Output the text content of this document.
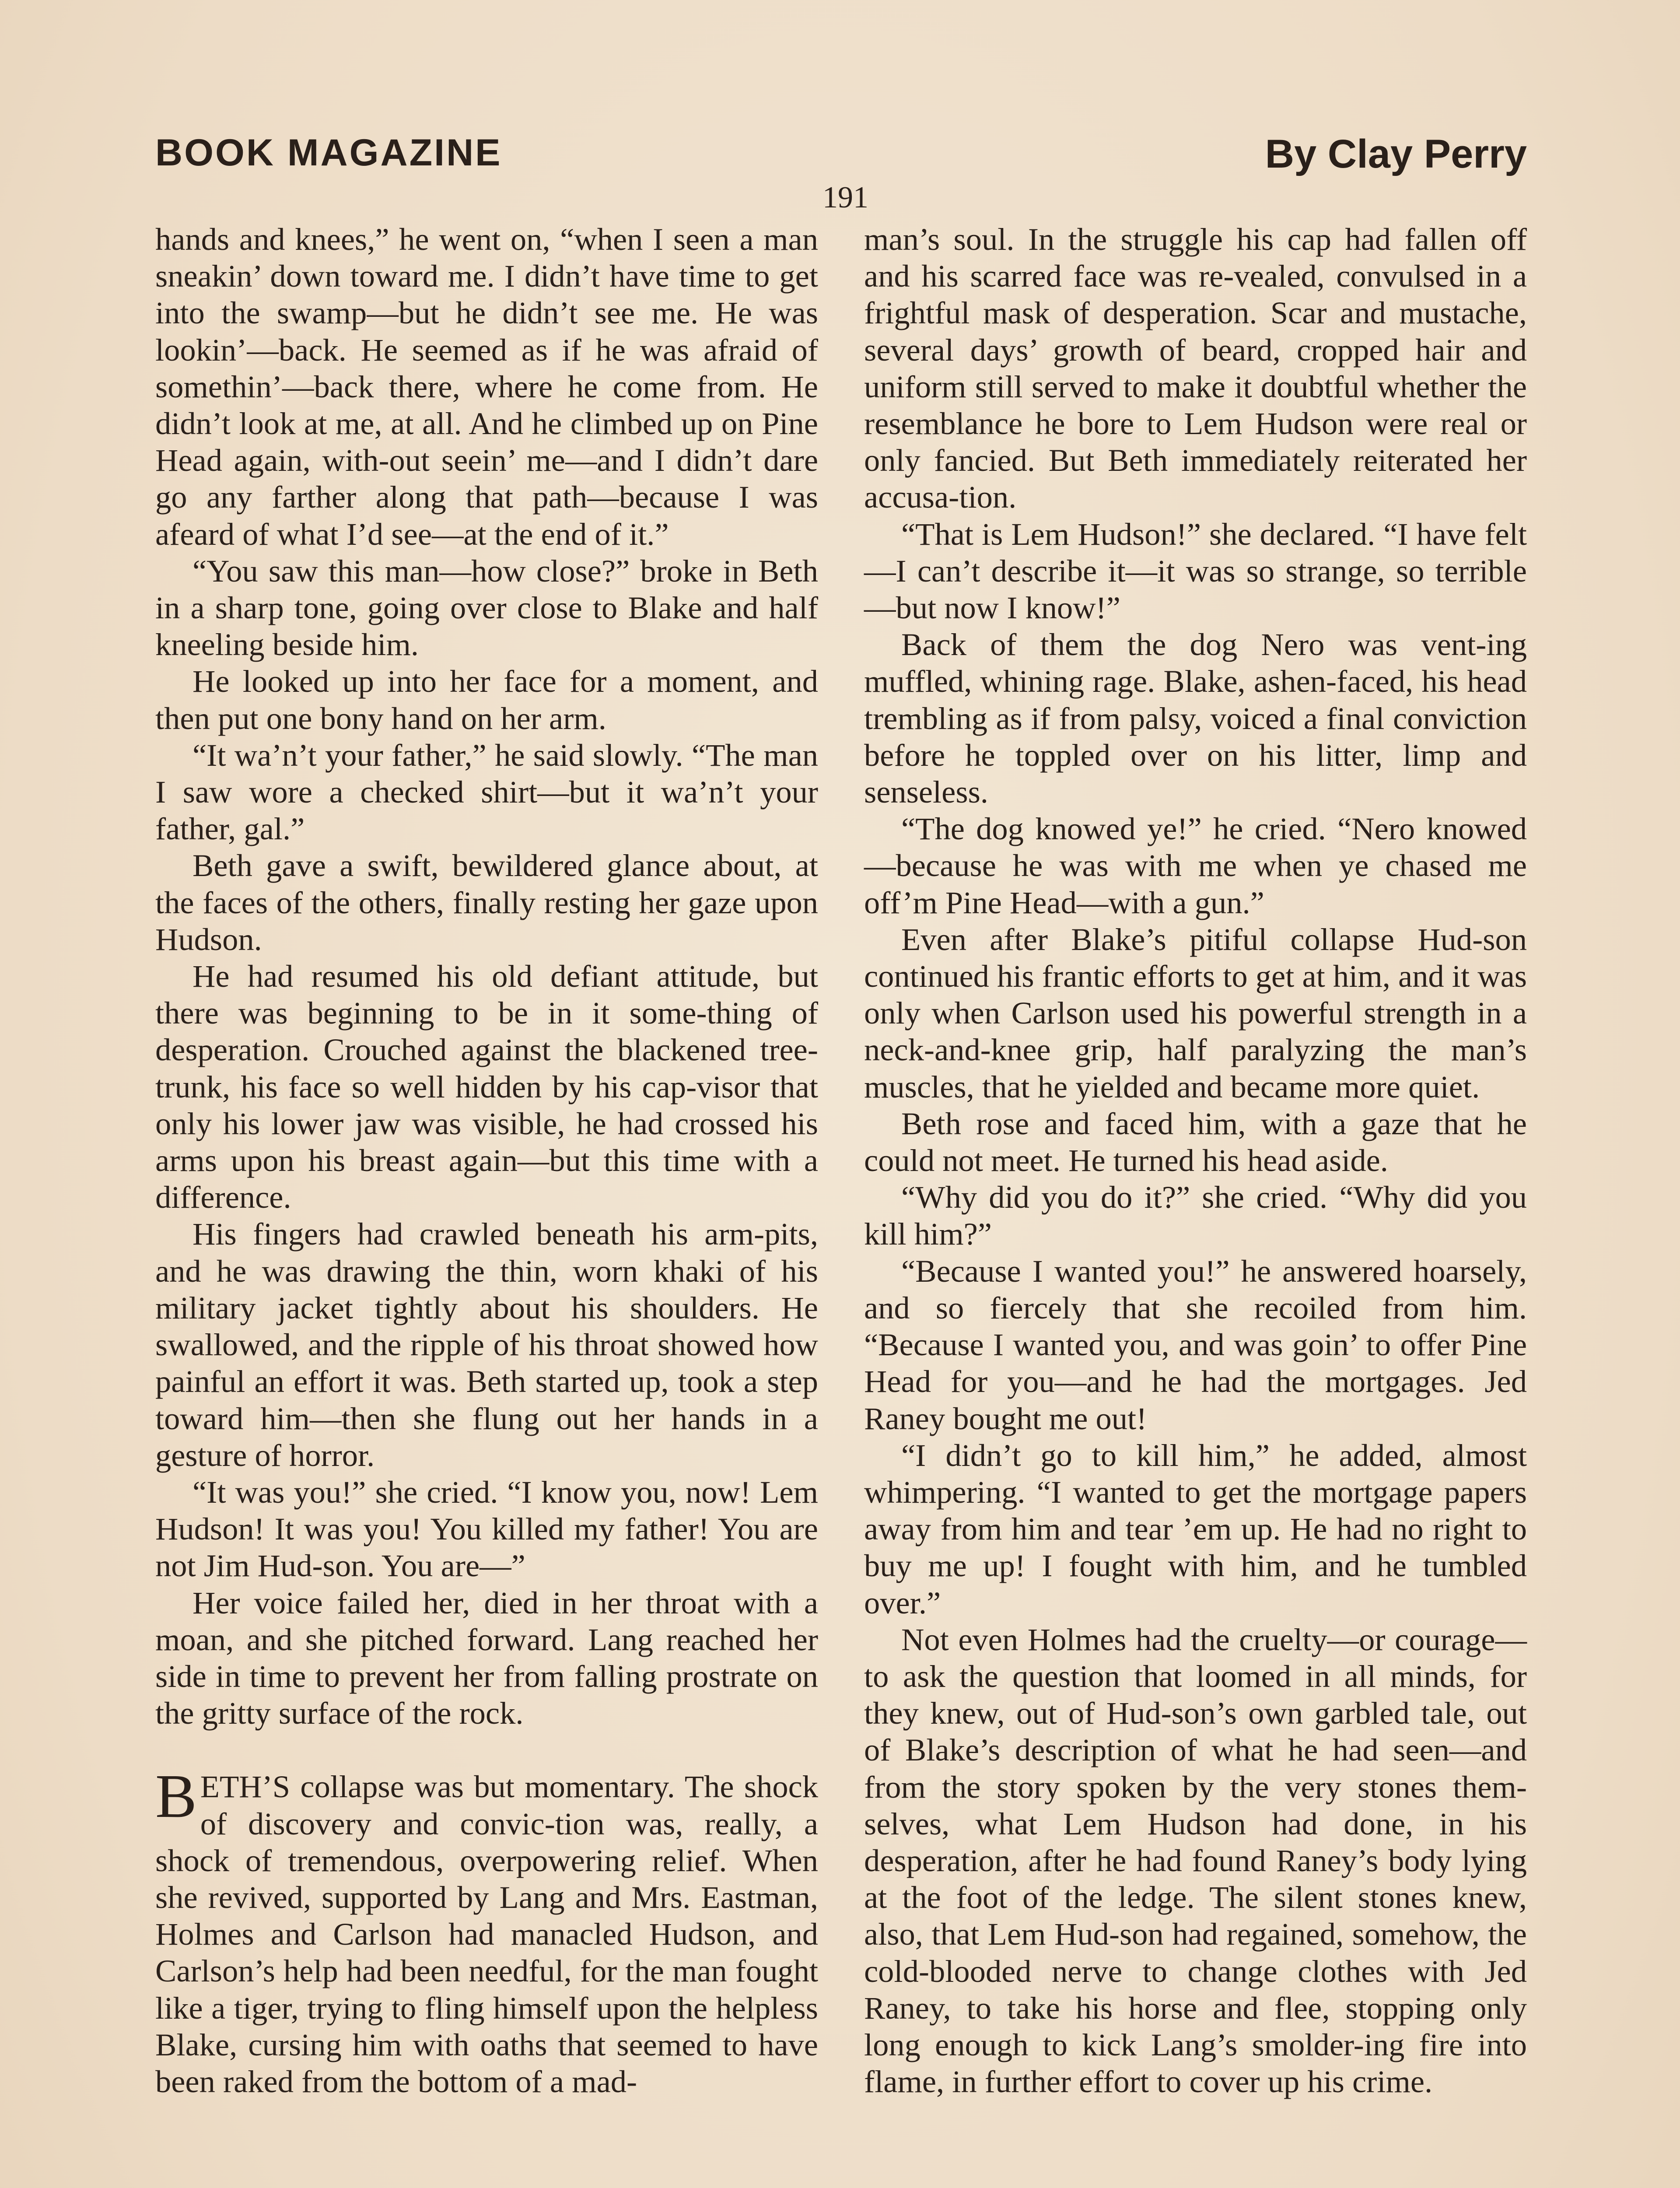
BOOK MAGAZINE	By Clay Perry
191

hands and knees,” he went on, “when I seen a man sneakin’ down toward me. I didn’t have time to get into the swamp—but he didn’t see me. He was lookin’—back. He seemed as if he was afraid of somethin’—back there, where he come from. He didn’t look at me, at all. And he climbed up on Pine Head again, with-out seein’ me—and I didn’t dare go any farther along that path—because I was afeard of what I’d see—at the end of it.”

“You saw this man—how close?” broke in Beth in a sharp tone, going over close to Blake and half kneeling beside him.

He looked up into her face for a moment, and then put one bony hand on her arm.

“It wa’n’t your father,” he said slowly. “The man I saw wore a checked shirt—but it wa’n’t your father, gal.”

Beth gave a swift, bewildered glance about, at the faces of the others, finally resting her gaze upon Hudson.

He had resumed his old defiant attitude, but there was beginning to be in it some-thing of desperation. Crouched against the blackened tree-trunk, his face so well hidden by his cap-visor that only his lower jaw was visible, he had crossed his arms upon his breast again—but this time with a difference.

His fingers had crawled beneath his arm-pits, and he was drawing the thin, worn khaki of his military jacket tightly about his shoulders. He swallowed, and the ripple of his throat showed how painful an effort it was. Beth started up, took a step toward him—then she flung out her hands in a gesture of horror.

“It was you!” she cried. “I know you, now! Lem Hudson! It was you! You killed my father! You are not Jim Hud-son. You are—”

Her voice failed her, died in her throat with a moan, and she pitched forward. Lang reached her side in time to prevent her from falling prostrate on the gritty surface of the rock.

BETH’S collapse was but momentary. The shock of discovery and convic-tion was, really, a shock of tremendous, overpowering relief. When she revived, supported by Lang and Mrs. Eastman, Holmes and Carlson had manacled Hudson, and Carlson’s help had been needful, for the man fought like a tiger, trying to fling himself upon the helpless Blake, cursing him with oaths that seemed to have been raked from the bottom of a mad-

man’s soul. In the struggle his cap had fallen off and his scarred face was re-vealed, convulsed in a frightful mask of desperation. Scar and mustache, several days’ growth of beard, cropped hair and uniform still served to make it doubtful whether the resemblance he bore to Lem Hudson were real or only fancied. But Beth immediately reiterated her accusa-tion.

“That is Lem Hudson!” she declared. “I have felt—I can’t describe it—it was so strange, so terrible—but now I know!”

Back of them the dog Nero was vent-ing muffled, whining rage. Blake, ashen-faced, his head trembling as if from palsy, voiced a final conviction before he toppled over on his litter, limp and senseless.

“The dog knowed ye!” he cried. “Nero knowed—because he was with me when ye chased me off’m Pine Head—with a gun.”

Even after Blake’s pitiful collapse Hud-son continued his frantic efforts to get at him, and it was only when Carlson used his powerful strength in a neck-and-knee grip, half paralyzing the man’s muscles, that he yielded and became more quiet.

Beth rose and faced him, with a gaze that he could not meet. He turned his head aside.

“Why did you do it?” she cried. “Why did you kill him?”

“Because I wanted you!” he answered hoarsely, and so fiercely that she recoiled from him. “Because I wanted you, and was goin’ to offer Pine Head for you—and he had the mortgages. Jed Raney bought me out!

“I didn’t go to kill him,” he added, almost whimpering. “I wanted to get the mortgage papers away from him and tear ’em up. He had no right to buy me up! I fought with him, and he tumbled over.”

Not even Holmes had the cruelty—or courage—to ask the question that loomed in all minds, for they knew, out of Hud-son’s own garbled tale, out of Blake’s description of what he had seen—and from the story spoken by the very stones them-selves, what Lem Hudson had done, in his desperation, after he had found Raney’s body lying at the foot of the ledge. The silent stones knew, also, that Lem Hud-son had regained, somehow, the cold-blooded nerve to change clothes with Jed Raney, to take his horse and flee, stopping only long enough to kick Lang’s smolder-ing fire into flame, in further effort to cover up his crime.
